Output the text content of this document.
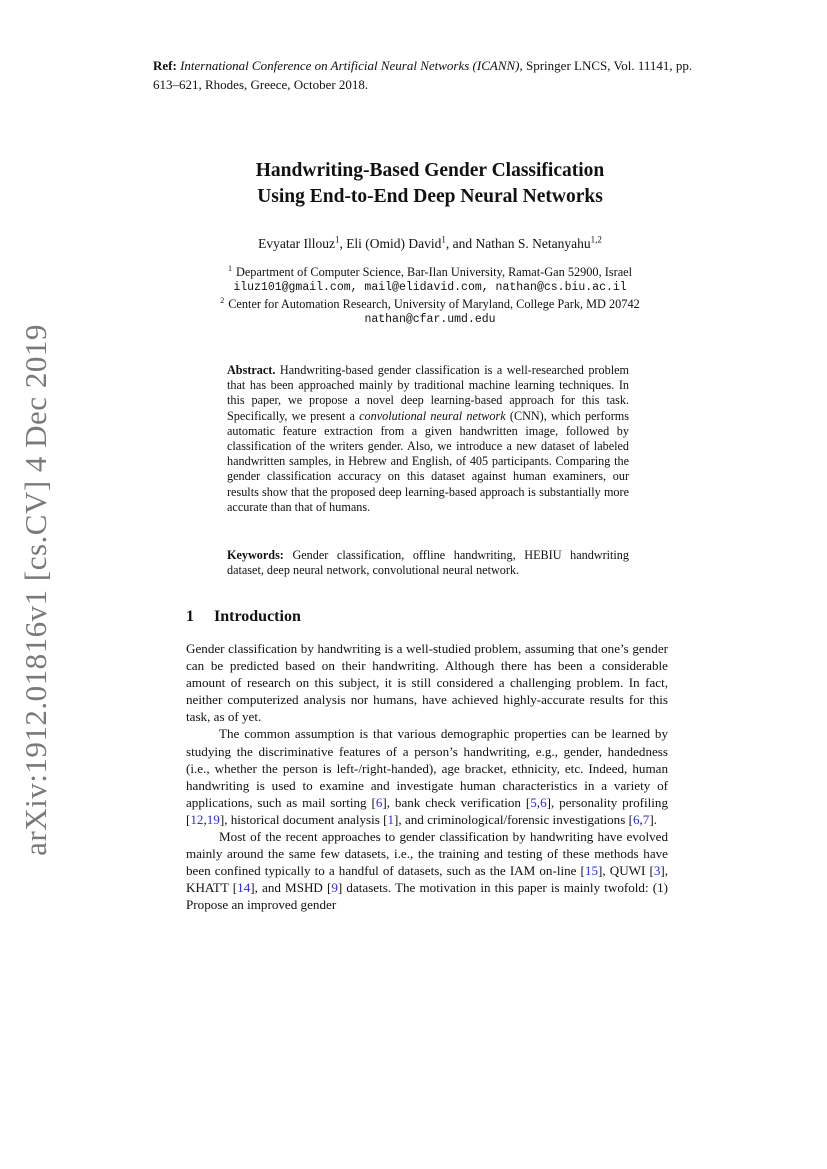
Ref: International Conference on Artificial Neural Networks (ICANN), Springer LNCS, Vol. 11141, pp. 613–621, Rhodes, Greece, October 2018.
arXiv:1912.01816v1 [cs.CV] 4 Dec 2019
Handwriting-Based Gender Classification
Using End-to-End Deep Neural Networks
Evyatar Illouz$^1$, Eli (Omid) David$^1$, and Nathan S. Netanyahu$^{1,2}$
$^1$ Department of Computer Science, Bar-Ilan University, Ramat-Gan 52900, Israel
iluz101@gmail.com, mail@elidavid.com, nathan@cs.biu.ac.il
$^2$ Center for Automation Research, University of Maryland, College Park, MD 20742
nathan@cfar.umd.edu
Abstract. Handwriting-based gender classification is a well-researched problem that has been approached mainly by traditional machine learning techniques. In this paper, we propose a novel deep learning-based approach for this task. Specifically, we present a convolutional neural network (CNN), which performs automatic feature extraction from a given handwritten image, followed by classification of the writers gender. Also, we introduce a new dataset of labeled handwritten samples, in Hebrew and English, of 405 participants. Comparing the gender classification accuracy on this dataset against human examiners, our results show that the proposed deep learning-based approach is substantially more accurate than that of humans.
Keywords: Gender classification, offline handwriting, HEBIU handwriting dataset, deep neural network, convolutional neural network.
1 Introduction

Gender classification by handwriting is a well-studied problem, assuming that one’s gender can be predicted based on their handwriting. Although there has been a considerable amount of research on this subject, it is still considered a challenging problem. In fact, neither computerized analysis nor humans, have achieved highly-accurate results for this task, as of yet.

The common assumption is that various demographic properties can be learned by studying the discriminative features of a person’s handwriting, e.g., gender, handedness (i.e., whether the person is left-/right-handed), age bracket, ethnicity, etc. Indeed, human handwriting is used to examine and investigate human characteristics in a variety of applications, such as mail sorting [6], bank check verification [5,6], personality profiling [12,19], historical document analysis [1], and criminological/forensic investigations [6,7].

Most of the recent approaches to gender classification by handwriting have evolved mainly around the same few datasets, i.e., the training and testing of these methods have been confined typically to a handful of datasets, such as the IAM on-line [15], QUWI [3], KHATT [14], and MSHD [9] datasets. The motivation in this paper is mainly twofold: (1) Propose an improved gender
